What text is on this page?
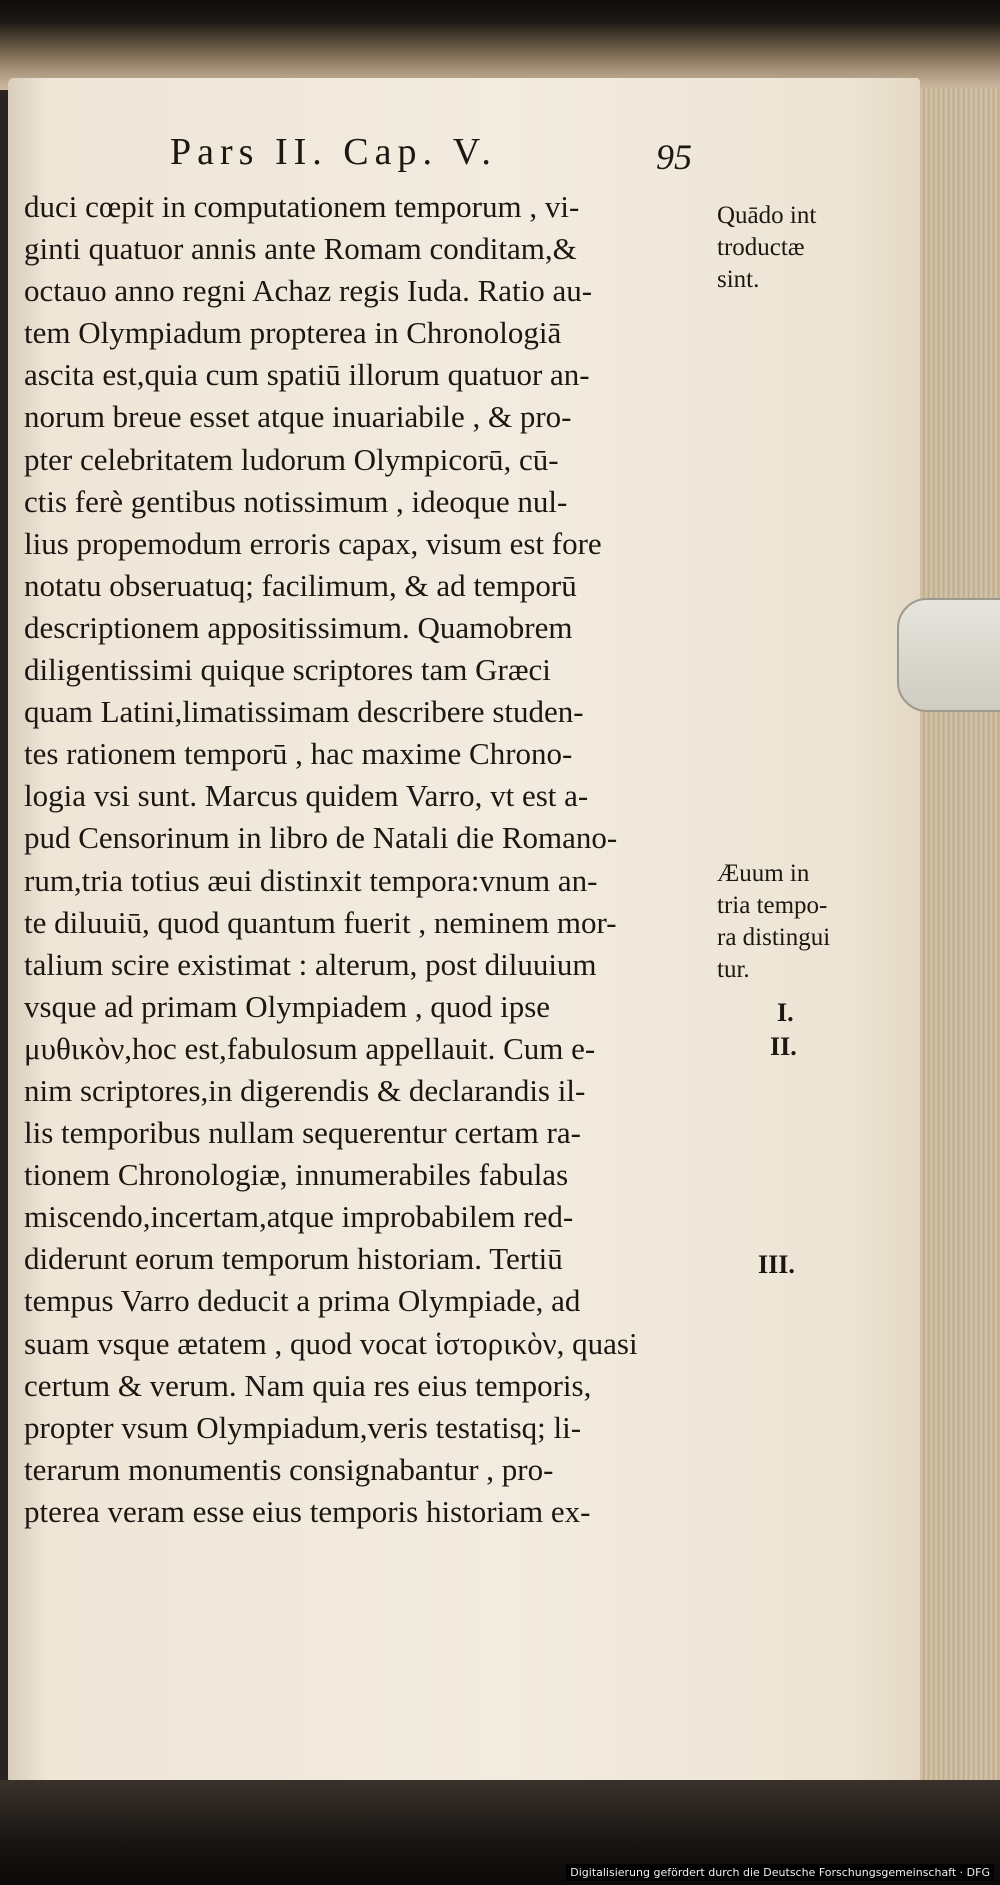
Pars II. Cap. V.	95
duci cœpit in computationem temporum , vi-
ginti quatuor annis ante Romam conditam,&
octauo anno regni Achaz regis Iuda. Ratio au-
tem Olympiadum propterea in Chronologiā
ascita est,quia cum spatiū illorum quatuor an-
norum breue esset atque inuariabile , & pro-
pter celebritatem ludorum Olympicorū, cū-
ctis ferè gentibus notissimum , ideoque nul-
lius propemodum erroris capax, visum est fore
notatu obseruatuq; facilimum, & ad temporū
descriptionem appositissimum. Quamobrem
diligentissimi quique scriptores tam Græci
quam Latini,limatissimam describere studen-
tes rationem temporū , hac maxime Chrono-
logia vsi sunt. Marcus quidem Varro, vt est a-
pud Censorinum in libro de Natali die Romano-
rum,tria totius æui distinxit tempora:vnum an-
te diluuiū, quod quantum fuerit , neminem mor-
talium scire existimat : alterum, post diluuium
vsque ad primam Olympiadem , quod ipse
μυθικὸν,hoc est,fabulosum appellauit. Cum e-
nim scriptores,in digerendis & declarandis il-
lis temporibus nullam sequerentur certam ra-
tionem Chronologiæ, innumerabiles fabulas
miscendo,incertam,atque improbabilem red-
diderunt eorum temporum historiam. Tertiū
tempus Varro deducit a prima Olympiade, ad
suam vsque ætatem , quod vocat ἱστορικὸν, quasi
certum & verum. Nam quia res eius temporis,
propter vsum Olympiadum,veris testatisq; li-
terarum monumentis consignabantur , pro-
pterea veram esse eius temporis historiam ex-
Quādo int
troductæ
sint.
Æuum in
tria tempo-
ra distingui
tur.
I.
II.
III.
Digitalisierung gefördert durch die Deutsche Forschungsgemeinschaft · DFG
